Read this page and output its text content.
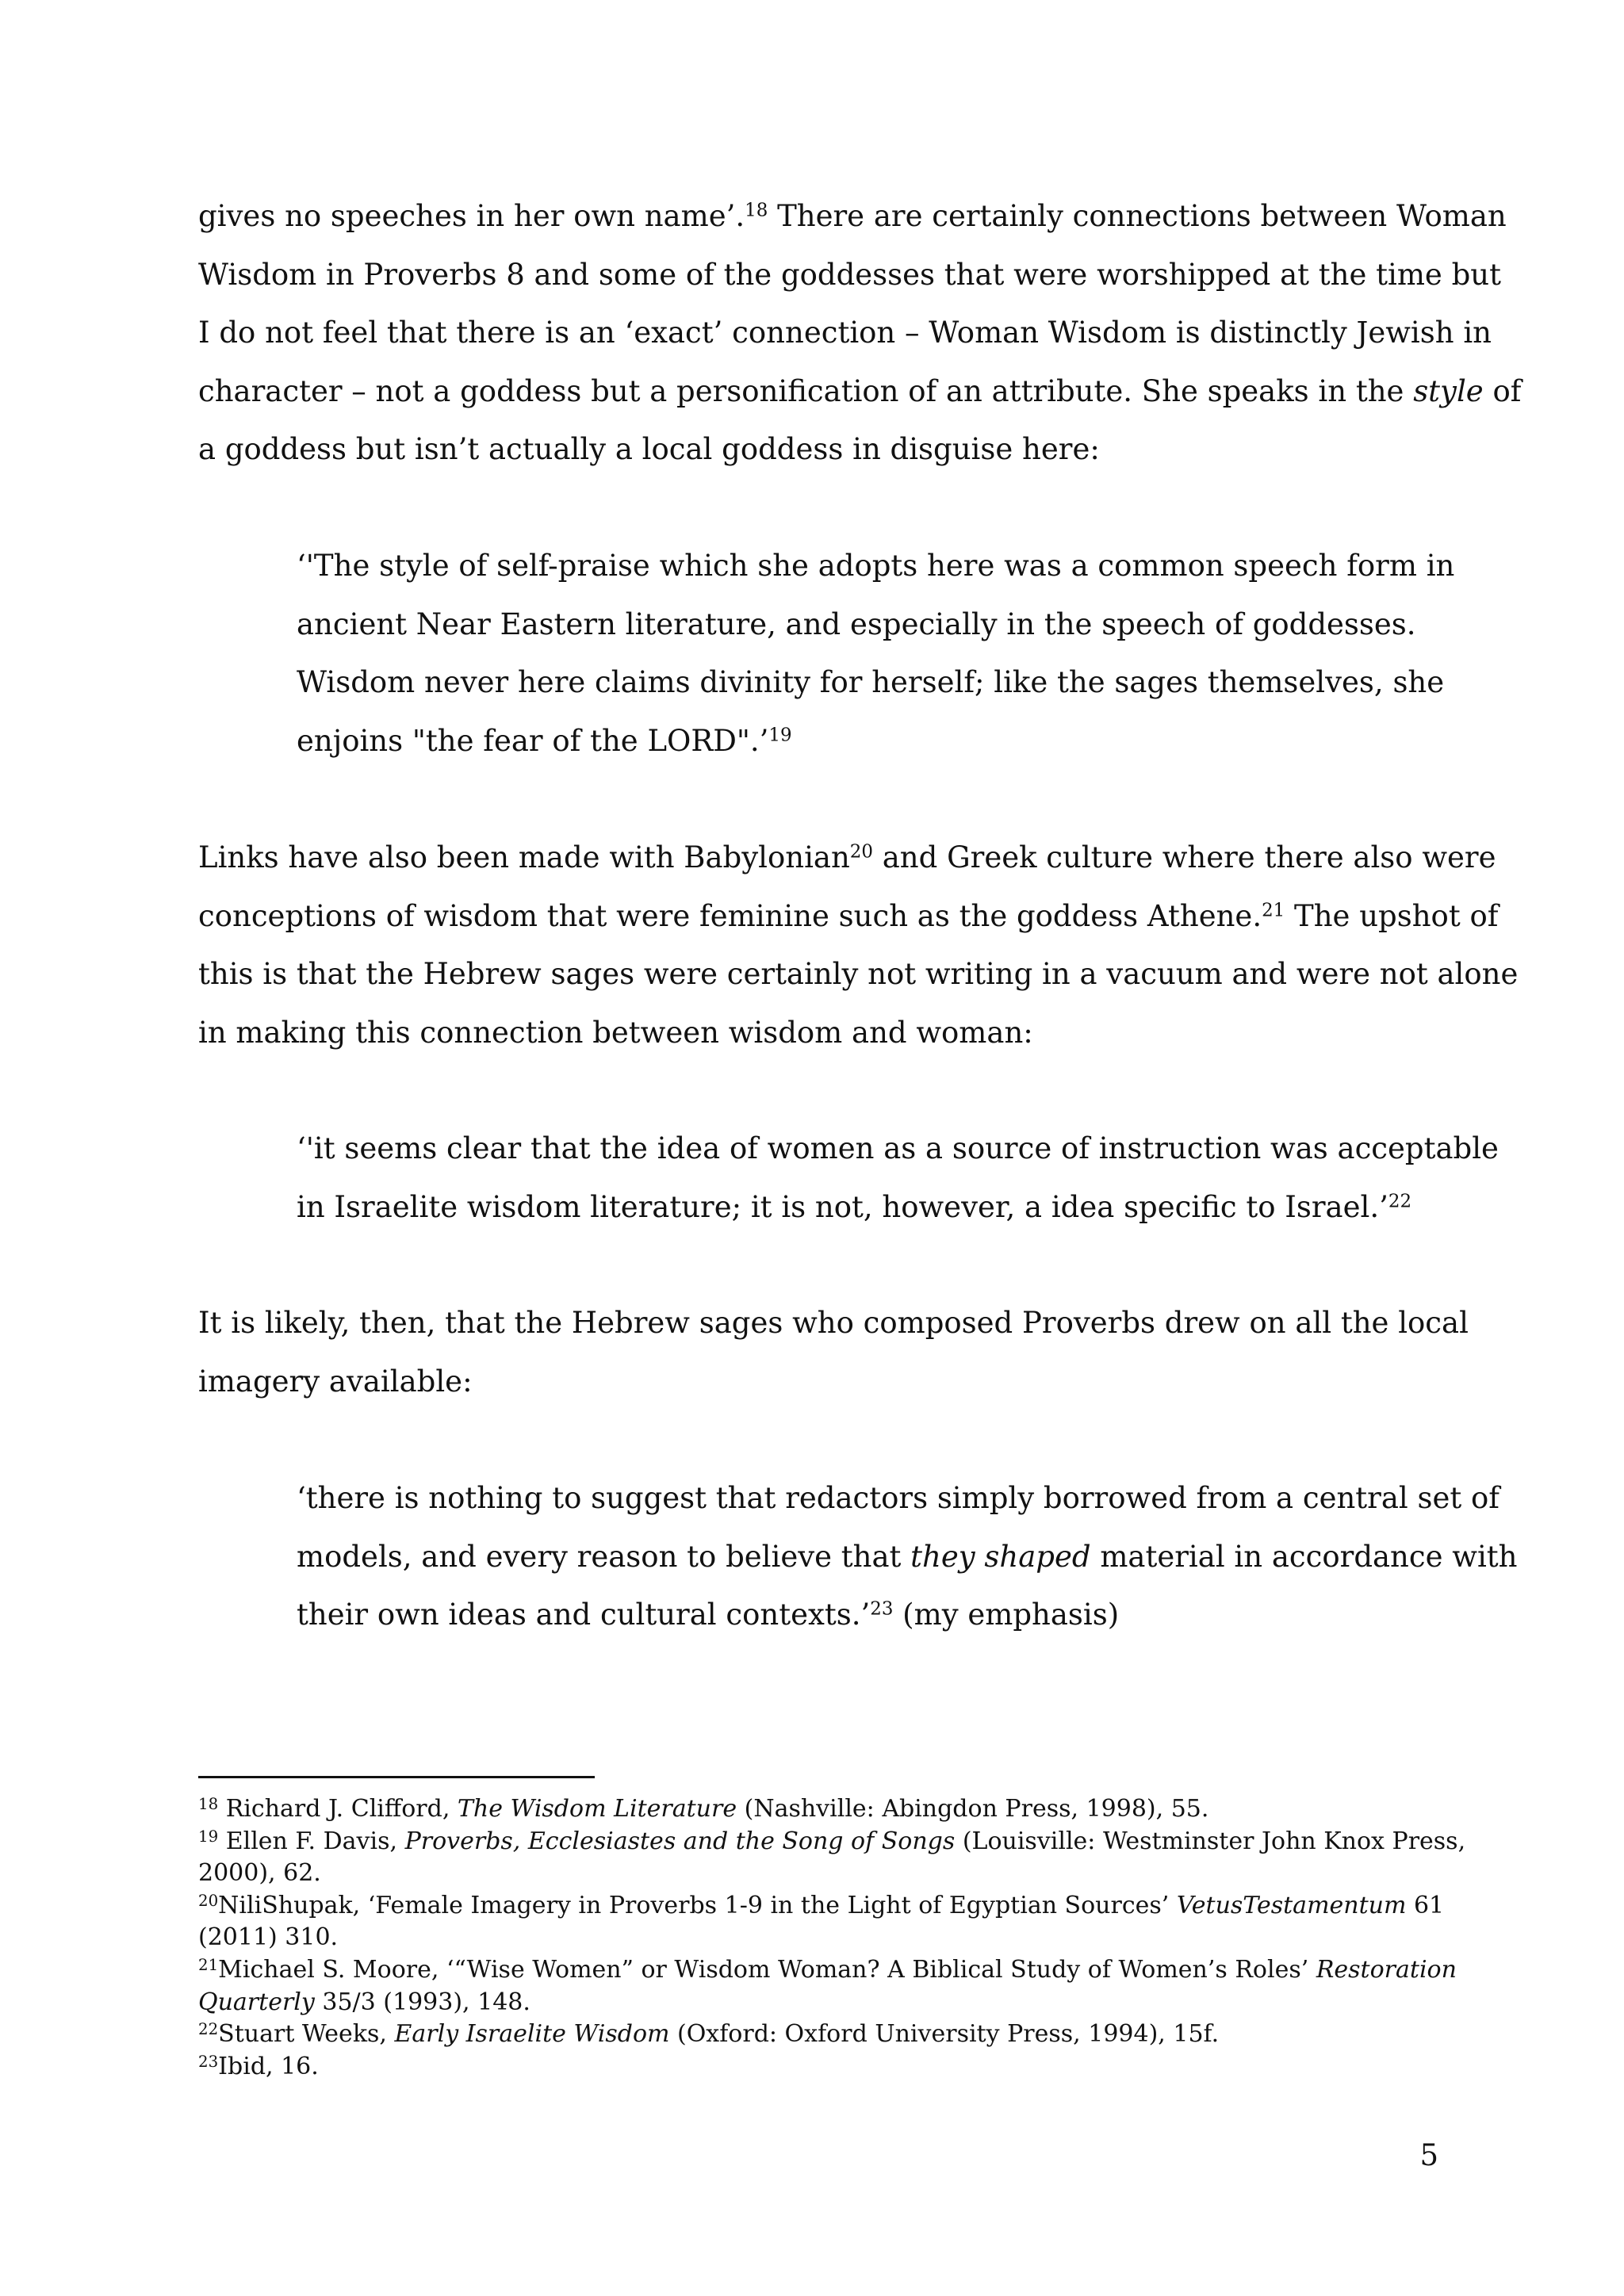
gives no speeches in her own name’.$^{18}$ There are certainly connections between Woman
Wisdom in Proverbs 8 and some of the goddesses that were worshipped at the time but
I do not feel that there is an ‘exact’ connection – Woman Wisdom is distinctly Jewish in
character – not a goddess but a personification of an attribute. She speaks in the style of
a goddess but isn’t actually a local goddess in disguise here:

‘'The style of self-praise which she adopts here was a common speech form in
ancient Near Eastern literature, and especially in the speech of goddesses.
Wisdom never here claims divinity for herself; like the sages themselves, she
enjoins "the fear of the LORD".’$^{19}$

Links have also been made with Babylonian$^{20}$ and Greek culture where there also were
conceptions of wisdom that were feminine such as the goddess Athene.$^{21}$ The upshot of
this is that the Hebrew sages were certainly not writing in a vacuum and were not alone
in making this connection between wisdom and woman:

‘'it seems clear that the idea of women as a source of instruction was acceptable
in Israelite wisdom literature; it is not, however, a idea specific to Israel.’$^{22}$

It is likely, then, that the Hebrew sages who composed Proverbs drew on all the local
imagery available:

‘there is nothing to suggest that redactors simply borrowed from a central set of
models, and every reason to believe that they shaped material in accordance with
their own ideas and cultural contexts.’$^{23}$ (my emphasis)

$^{18}$ Richard J. Clifford, The Wisdom Literature (Nashville: Abingdon Press, 1998), 55.
$^{19}$ Ellen F. Davis, Proverbs, Ecclesiastes and the Song of Songs (Louisville: Westminster John Knox Press,
2000), 62.
$^{20}$NiliShupak, ‘Female Imagery in Proverbs 1-9 in the Light of Egyptian Sources’ VetusTestamentum 61
(2011) 310.
$^{21}$Michael S. Moore, ‘“Wise Women” or Wisdom Woman? A Biblical Study of Women’s Roles’ Restoration
Quarterly 35/3 (1993), 148.
$^{22}$Stuart Weeks, Early Israelite Wisdom (Oxford: Oxford University Press, 1994), 15f.
$^{23}$Ibid, 16.
5
